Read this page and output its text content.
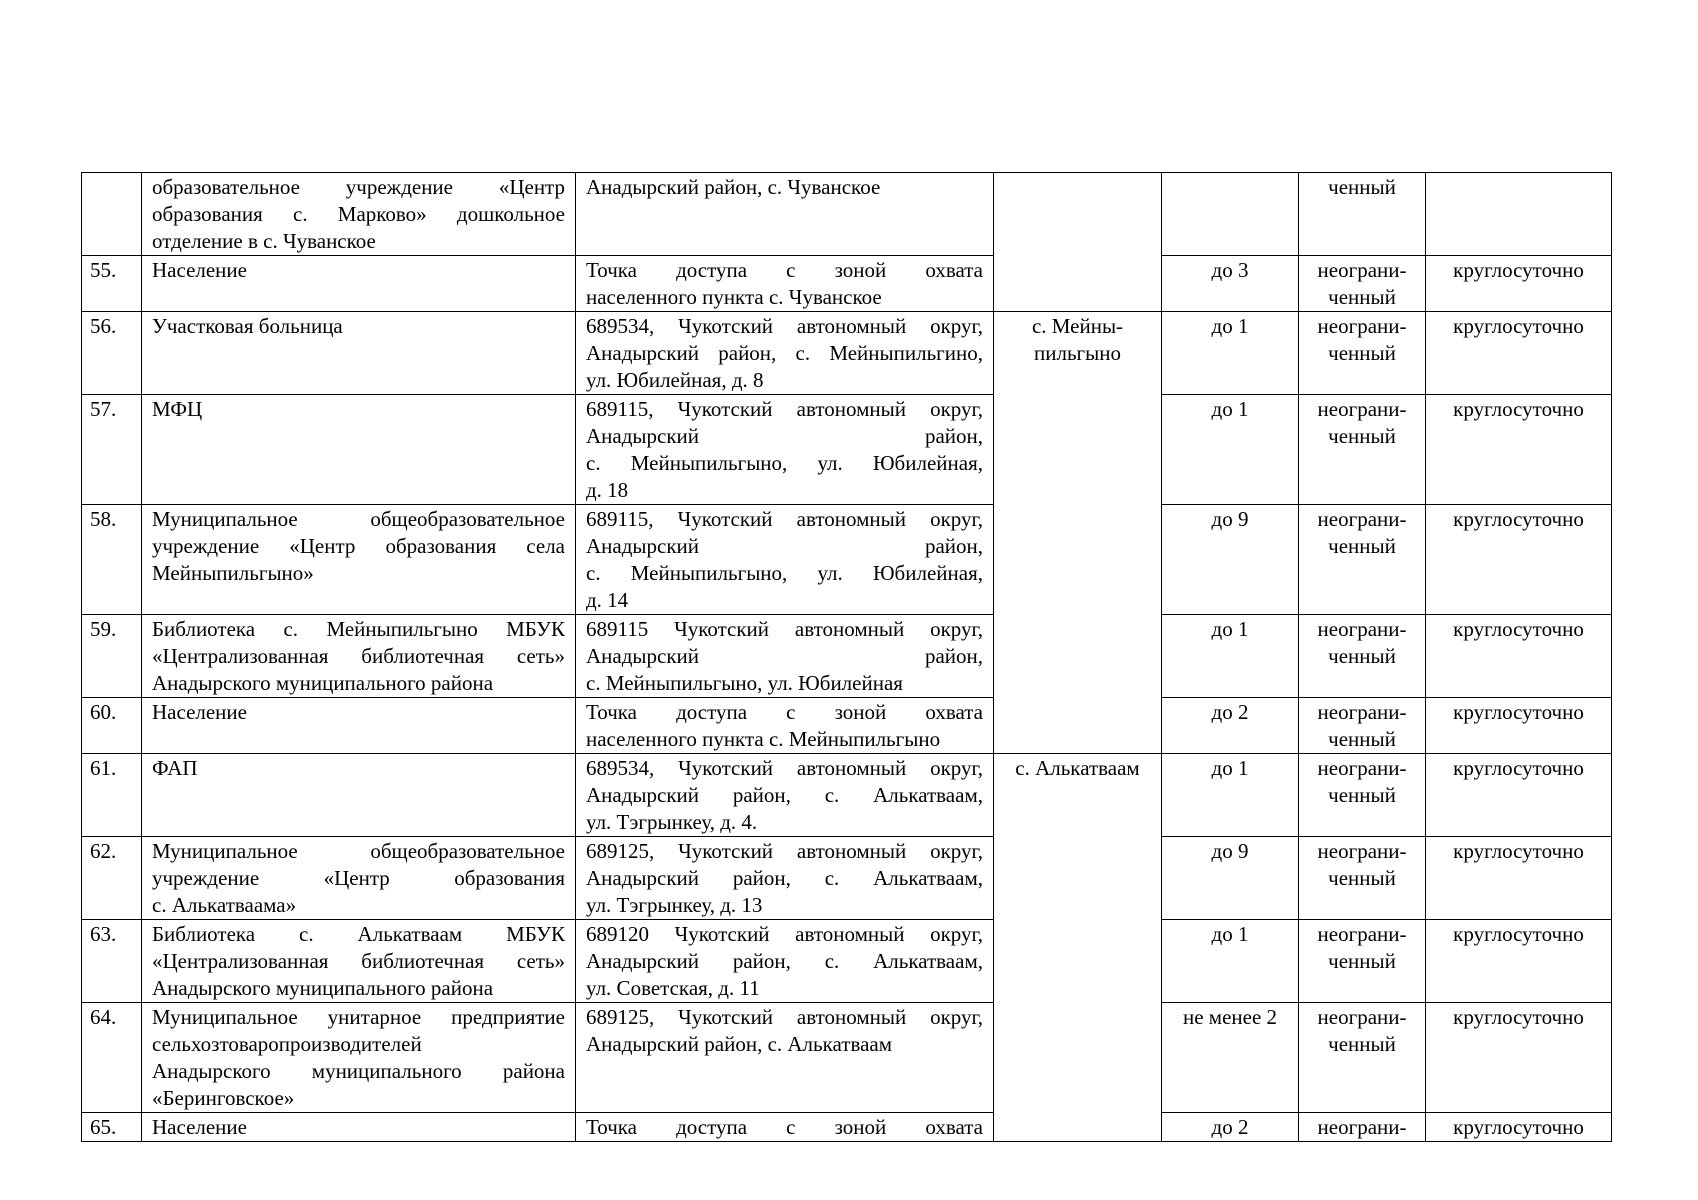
	образовательное учреждение «Центр
образования с. Марково» дошкольное
отделение в с. Чуванское	Анадырский район, с. Чуванское			ченный	

55.	Население	Точка доступа с зоной охвата
населенного пункта с. Чуванское		до 3	неограни-
ченный	круглосуточно
56.	Участковая больница	689534, Чукотский автономный округ,
Анадырский район, с. Мейныпильгино,
ул. Юбилейная, д. 8	с. Мейны-
пильгыно	до 1	неограни-
ченный	круглосуточно
57.	МФЦ	689115, Чукотский автономный округ,
Анадырский район,
с. Мейныпильгыно, ул. Юбилейная,
д. 18		до 1	неограни-
ченный	круглосуточно
58.	Муниципальное общеобразовательное
учреждение «Центр образования села
Мейныпильгыно»	689115, Чукотский автономный округ,
Анадырский район,
с. Мейныпильгыно, ул. Юбилейная,
д. 14		до 9	неограни-
ченный	круглосуточно
59.	Библиотека с. Мейныпильгыно МБУК
«Централизованная библиотечная сеть»
Анадырского муниципального района	689115 Чукотский автономный округ,
Анадырский район,
с. Мейныпильгыно, ул. Юбилейная		до 1	неограни-
ченный	круглосуточно
60.	Население	Точка доступа с зоной охвата
населенного пункта с. Мейныпильгыно		до 2	неограни-
ченный	круглосуточно
61.	ФАП	689534, Чукотский автономный округ,
Анадырский район, с. Алькатваам,
ул. Тэгрынкеу, д. 4.	с. Алькатваам	до 1	неограни-
ченный	круглосуточно
62.	Муниципальное общеобразовательное
учреждение «Центр образования
с. Алькатваама»	689125, Чукотский автономный округ,
Анадырский район, с. Алькатваам,
ул. Тэгрынкеу, д. 13		до 9	неограни-
ченный	круглосуточно
63.	Библиотека с. Алькатваам МБУК
«Централизованная библиотечная сеть»
Анадырского муниципального района	689120 Чукотский автономный округ,
Анадырский район, с. Алькатваам,
ул. Советская, д. 11		до 1	неограни-
ченный	круглосуточно
64.	Муниципальное унитарное предприятие
сельхозтоваропроизводителей
Анадырского муниципального района
«Беринговское»	689125, Чукотский автономный округ,
Анадырский район, с. Алькатваам		не менее 2	неограни-
ченный	круглосуточно
65.	Население	Точка доступа с зоной охвата		до 2	неограни-	круглосуточно
